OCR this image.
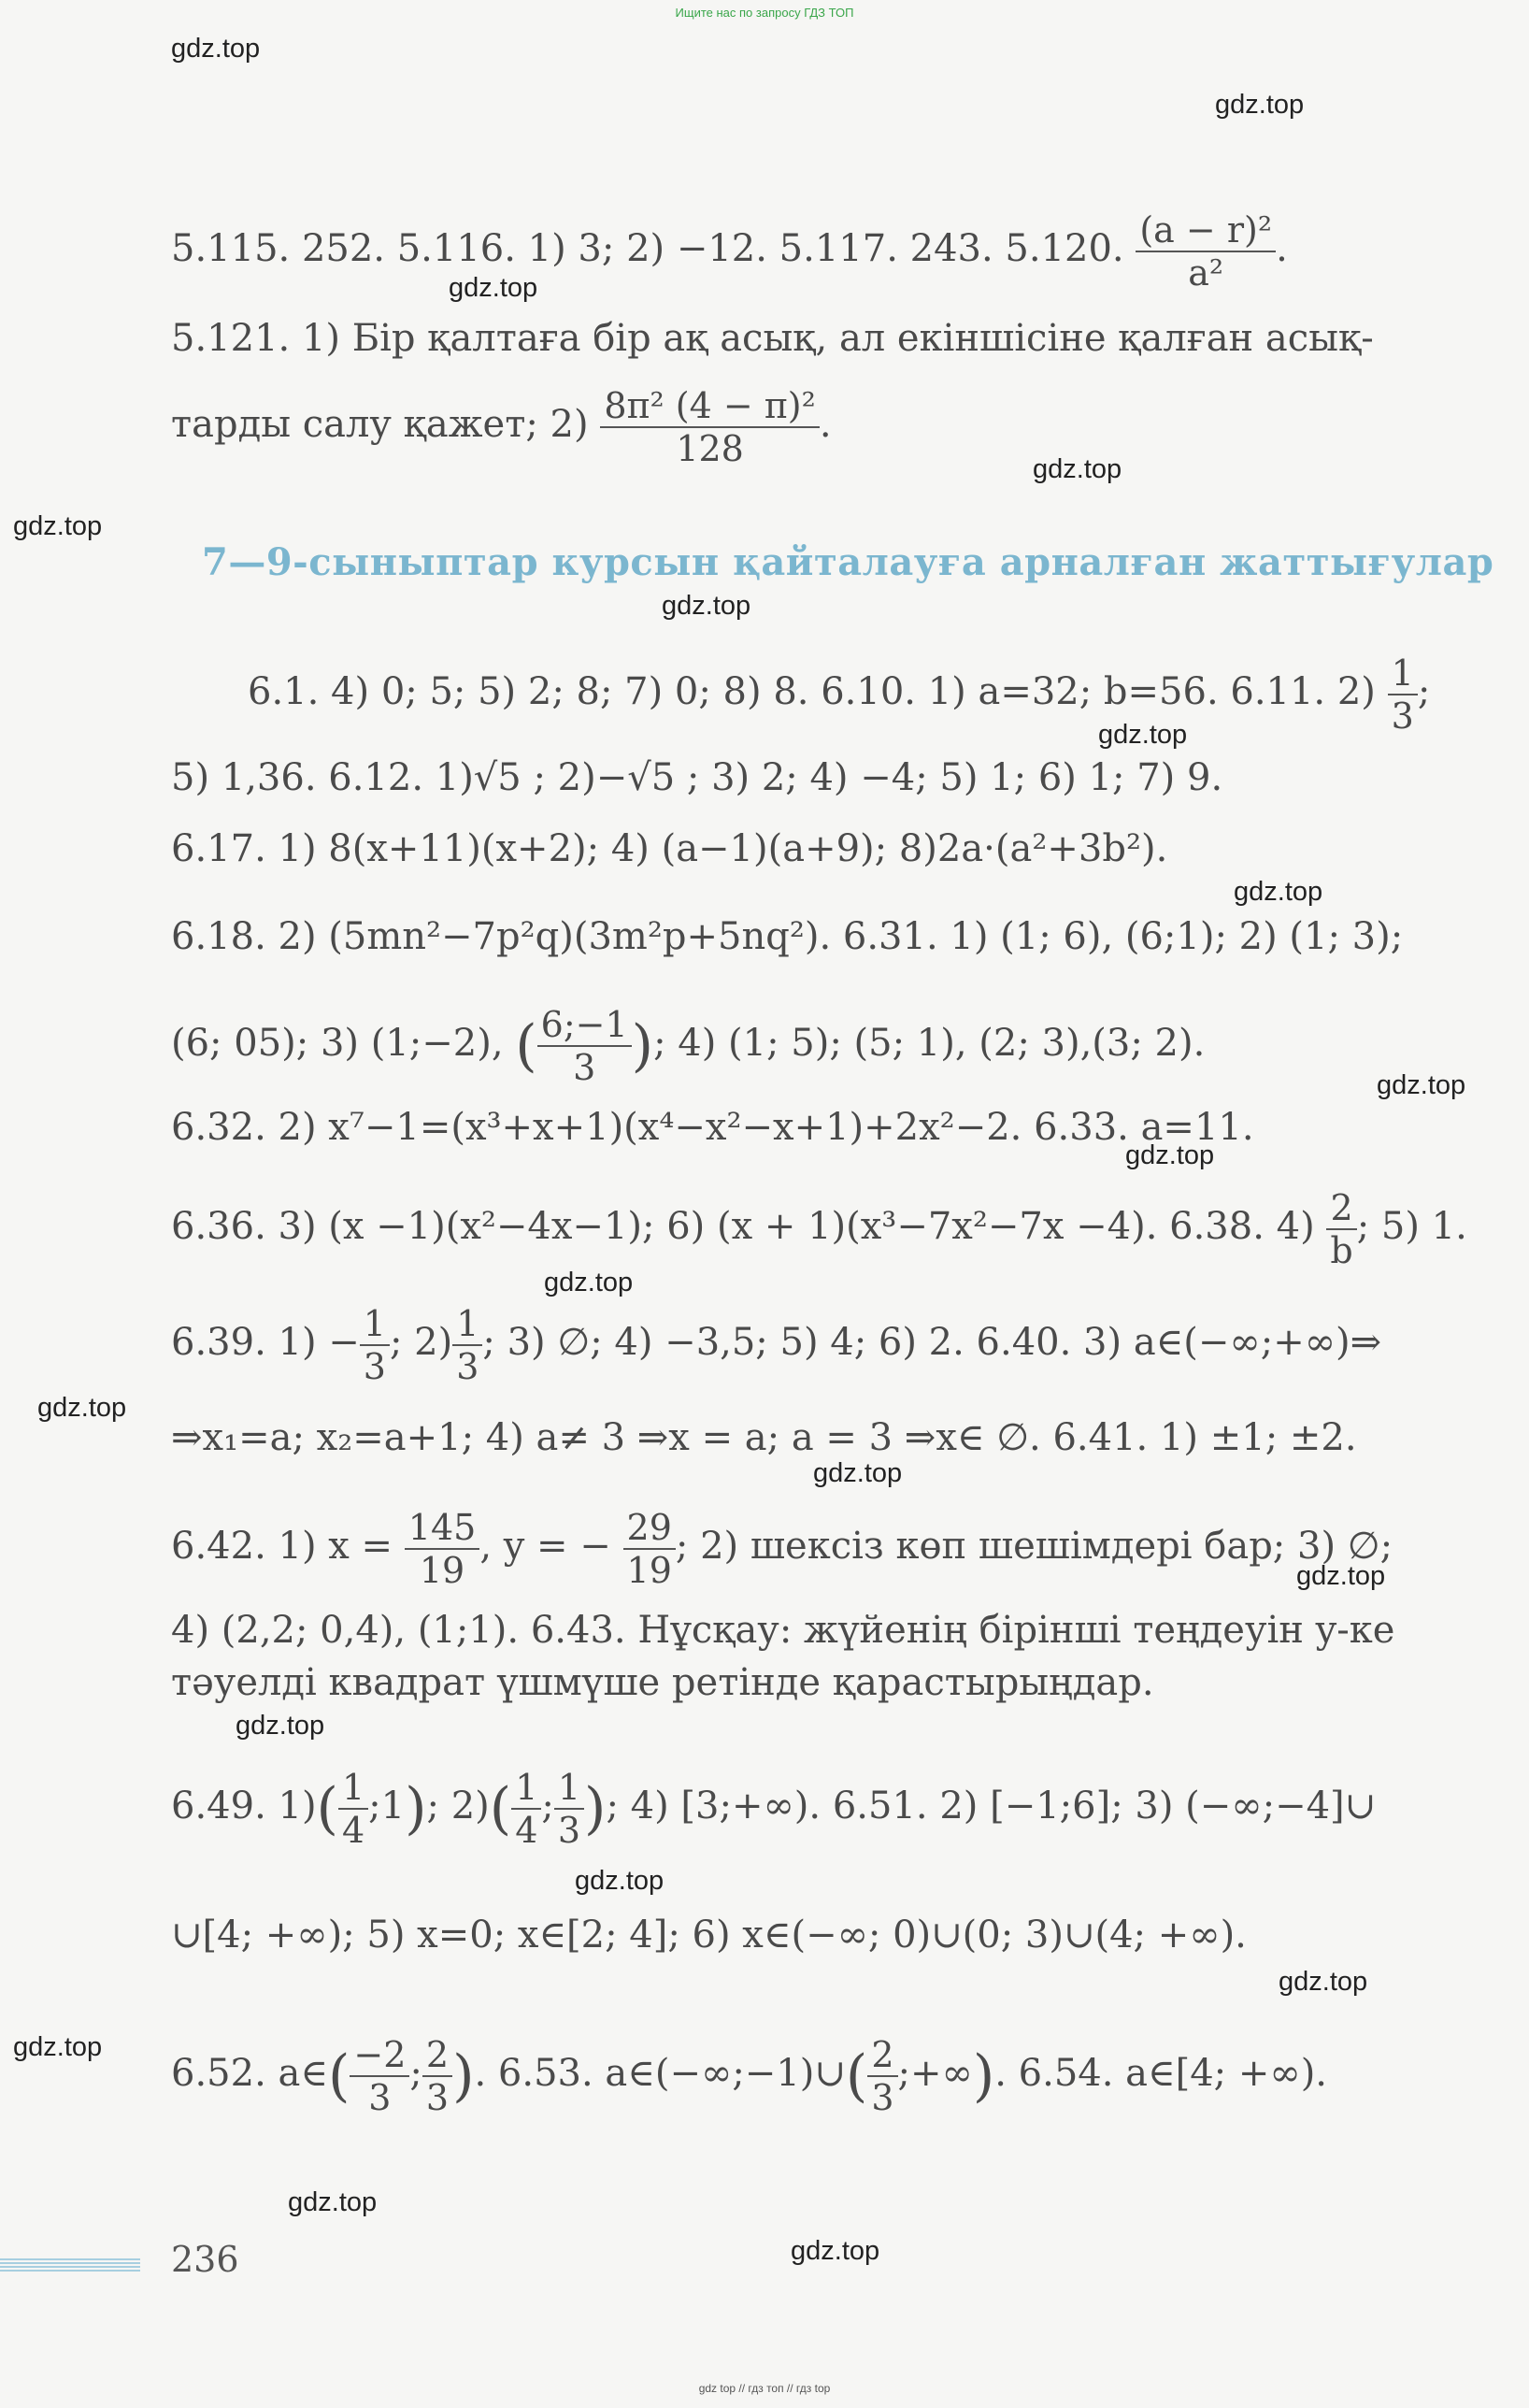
Ищите нас по запросу ГДЗ ТОП
gdz.top
gdz.top
gdz.top
gdz.top
gdz.top
gdz.top
gdz.top
gdz.top
gdz.top
gdz.top
gdz.top
gdz.top
gdz.top
gdz.top
gdz.top
gdz.top
gdz.top
gdz.top
gdz.top
gdz.top
5.115. 252. 5.116. 1) 3; 2) −12. 5.117. 243. 5.120. $\frac{\text{(a − r)²}}{\text{a²}}$ .
5.121. 1) Бір қалтаға бір ақ асық, ал екіншісіне қалған асық-
тарды салу қажет; $2) \frac{\text{8π² (4 − π)²}}{128}$ .
7—9-сыныптар курсын қайталауға арналған жаттығулар
6.1. 4) 0; 5; 5) 2; 8; 7) 0; 8) 8. 6.10. 1) a=32; b=56. 6.11. $2) \frac{1}{3}$ ;
5) 1,36. 6.12. 1)√5 ; 2)−√5 ; 3) 2; 4) −4; 5) 1; 6) 1; 7) 9.
6.17. 1) 8(x+11)(x+2); 4) (a−1)(a+9); 8)2a·(a²+3b²).
6.18. 2) (5mn²−7p²q)(3m²p+5nq²). 6.31. 1) (1; 6), (6;1); 2) (1; 3);
(6; 05); 3) (1;−2), ( $\frac{6;-1}{3}$ ); 4) (1; 5); (5; 1), (2; 3),(3; 2).
6.32. 2) x⁷−1=(x³+x+1)(x⁴−x²−x+1)+2x²−2. 6.33. a=11.
6.36. 3) (x −1)(x²−4x−1); 6) (x + 1)(x³−7x²−7x −4). 6.38. $4) \frac{2}{b}$ ; 5) 1.
6.39. $1) - \frac{1}{3}$ ; $2) \frac{1}{3}$ ; 3) ∅; 4) −3,5; 5) 4; 6) 2. 6.40. 3) a∈(−∞;+∞)⇒
⇒x₁=a; x₂=a+1; 4) a≠ 3 ⇒x = a; a = 3 ⇒x∈ ∅. 6.41. 1) ±1; ±2.
6.42. 1) $x = \frac{145}{19}$ , y = − $\frac{29}{19}$ ; 2) шексіз көп шешімдері бар; 3) ∅;
4) (2,2; 0,4), (1;1). 6.43. Нұсқау: жүйенің бірінші теңдеуін y-ке
тәуелді квадрат үшмүше ретінде қарастырыңдар.
6.49. $1)( \frac{1}{4}$ ;1); $2)( \frac{1}{4}$ ; $\frac{1}{3}$ ); 4) [3;+∞). 6.51. 2) [−1;6]; 3) (−∞;−4]∪
∪[4; +∞); 5) x=0; x∈[2; 4]; 6) x∈(−∞; 0)∪(0; 3)∪(4; +∞).
6.52. a∈( $\frac{-2}{3}$ ; $\frac{2}{3}$ ). 6.53. a∈(−∞;−1)∪( $\frac{2}{3}$ ;+∞). 6.54. a∈[4; +∞).
236
gdz top // гдз топ // гдз top
